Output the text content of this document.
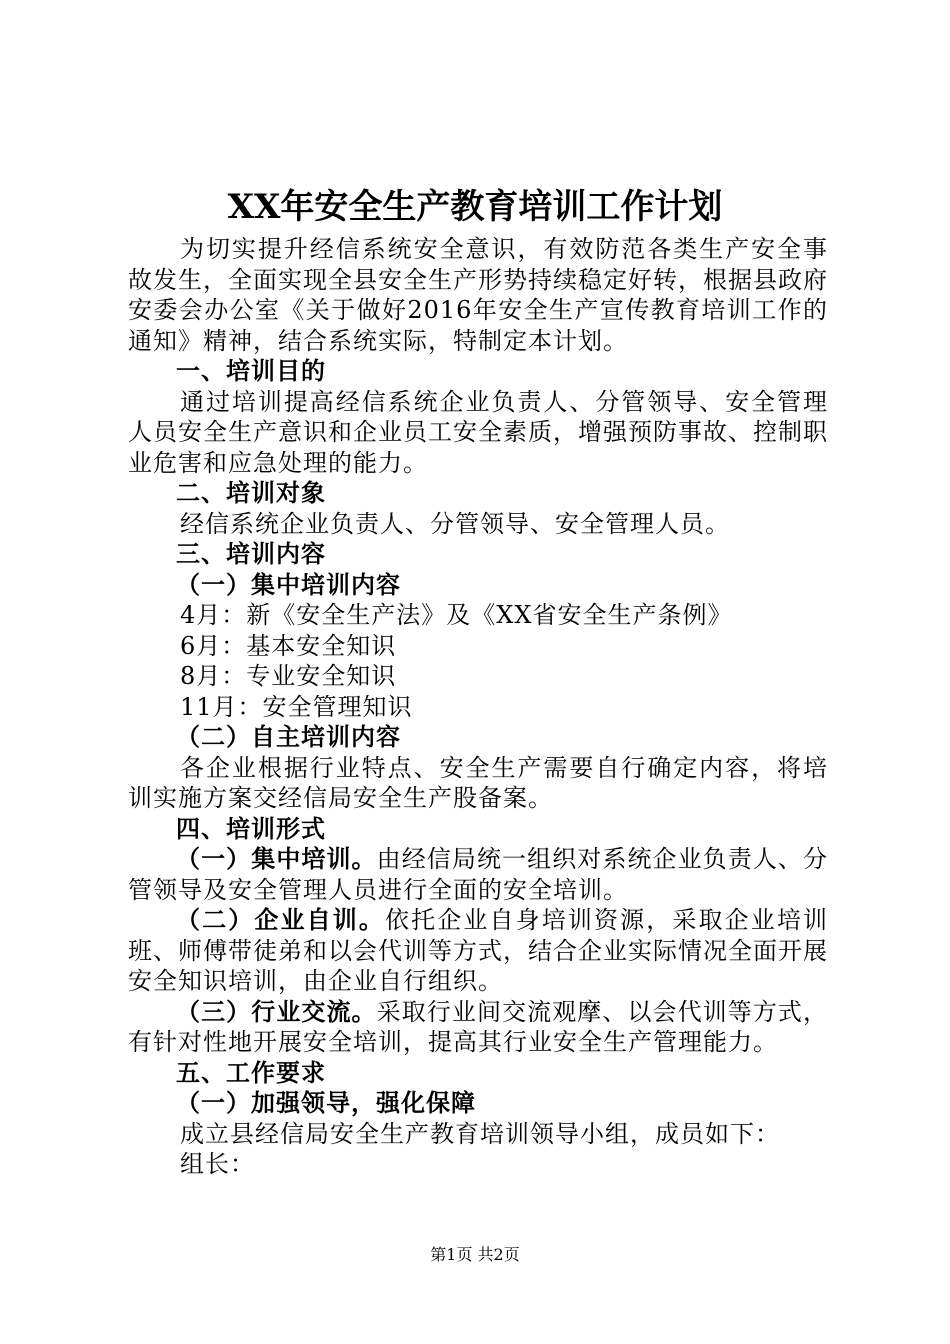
XX年安全生产教育培训工作计划

为切实提升经信系统安全意识，有效防范各类生产安全事故发生，全面实现全县安全生产形势持续稳定好转，根据县政府安委会办公室《关于做好2016年安全生产宣传教育培训工作的通知》精神，结合系统实际，特制定本计划。

一、培训目的

通过培训提高经信系统企业负责人、分管领导、安全管理人员安全生产意识和企业员工安全素质，增强预防事故、控制职业危害和应急处理的能力。

二、培训对象

经信系统企业负责人、分管领导、安全管理人员。

三、培训内容

（一）集中培训内容

4月：新《安全生产法》及《XX省安全生产条例》

6月：基本安全知识

8月：专业安全知识

11月：安全管理知识

（二）自主培训内容

各企业根据行业特点、安全生产需要自行确定内容，将培训实施方案交经信局安全生产股备案。

四、培训形式

（一）集中培训。由经信局统一组织对系统企业负责人、分管领导及安全管理人员进行全面的安全培训。

（二）企业自训。依托企业自身培训资源，采取企业培训班、师傅带徒弟和以会代训等方式，结合企业实际情况全面开展安全知识培训，由企业自行组织。

（三）行业交流。采取行业间交流观摩、以会代训等方式，有针对性地开展安全培训，提高其行业安全生产管理能力。

五、工作要求

（一）加强领导，强化保障

成立县经信局安全生产教育培训领导小组，成员如下：

组长：

第1页 共2页
